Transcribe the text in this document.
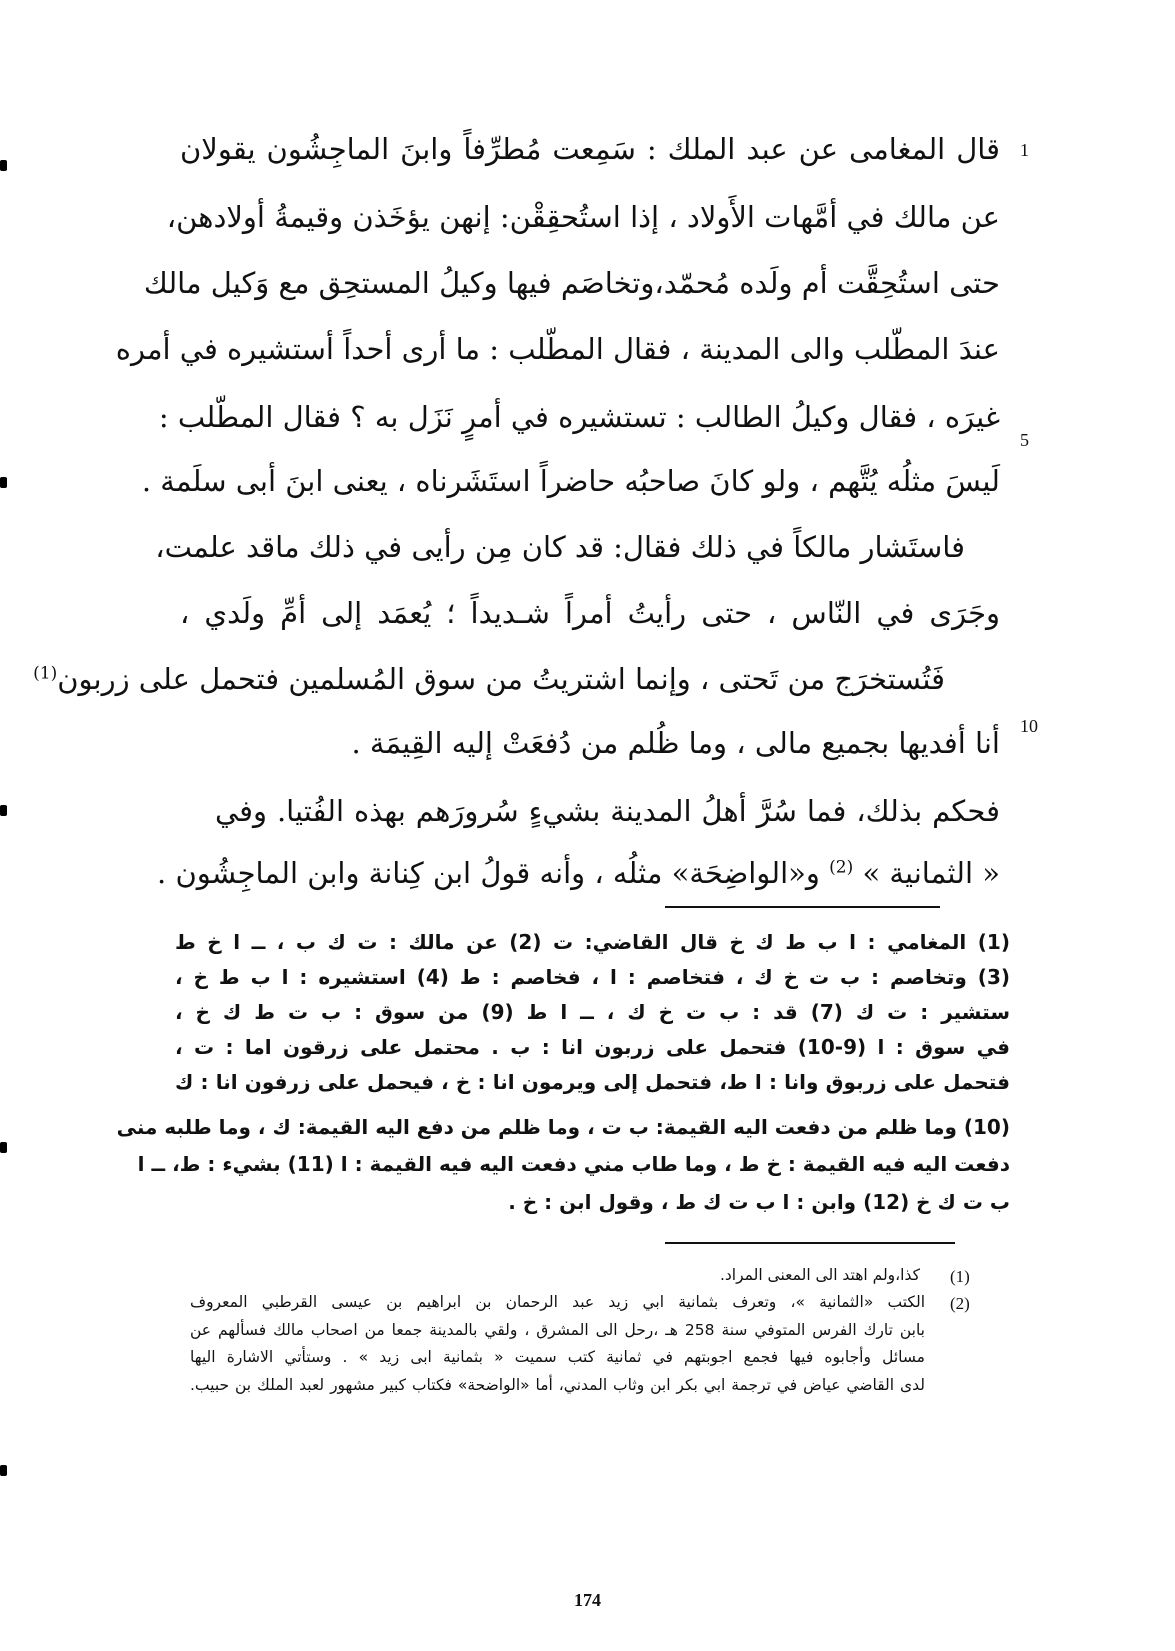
1
5
10
قال المغامى عن عبد الملك : سَمِعت مُطرِّفاً وابنَ الماجِشُون يقولان
عن مالك في أمَّهات الأَولاد ، إذا استُحقِقْن: إنهن يؤخَذن وقيمةُ أولادهن،
حتى استُحِقَّت أم ولَده مُحمّد،وتخاصَم فيها وكيلُ المستحِق مع وَكيل مالك
عندَ المطّلب والى المدينة ، فقال المطّلب : ما أرى أحداً أستشيره في أمره
غيرَه ، فقال وكيلُ الطالب : تستشيره في أمرٍ نَزَل به ؟ فقال المطّلب :
لَيسَ مثلُه يُتَّهم ، ولو كانَ صاحبُه حاضراً استَشَرناه ، يعنى ابنَ أبى سلَمة .
فاستَشار مالكاً في ذلك فقال: قد كان مِن رأيى في ذلك ماقد علمت،
وجَرَى في النّاس ، حتى رأيتُ أمراً شـديداً ؛ يُعمَد إلى أمِّ ولَدي ،
فَتُستخرَج من تَحتى ، وإنما اشتريتُ من سوق المُسلمين فتحمل على زربون$^{(1)}$
أنا أفديها بجميع مالى ، وما ظُلم من دُفعَتْ إليه القِيمَة .
فحكم بذلك، فما سُرَّ أهلُ المدينة بشيءٍ سُرورَهم بهذه الفُتيا. وفي
« الثمانية » $^{(2)}$ و«الواضِحَة» مثلُه ، وأنه قولُ ابن كِنانة وابن الماجِشُون .
(1) المغامي : ا ب ط ك خ قال القاضي: ت (2) عن مالك : ت ك ب ، ــ ا خ ط
(3) وتخاصم : ب ت خ ك ، فتخاصم : ا ، فخاصم : ط (4) استشيره : ا ب ط خ ،
ستشير : ت ك (7) قد : ب ت خ ك ، ــ ا ط (9) من سوق : ب ت ط ك خ ،
في سوق : ا (9-10) فتحمل على زربون انا : ب . محتمل على زرقون اما : ت ،
فتحمل على زربوق وانا : ا ط، فتحمل إلى ويرمون انا : خ ، فيحمل على زرفون انا : ك
(10) وما ظلم من دفعت اليه القيمة: ب ت ، وما ظلم من دفع اليه القيمة: ك ، وما طلبه منى
دفعت اليه فيه القيمة : خ ط ، وما طاب مني دفعت اليه فيه القيمة : ا (11) بشيء : ط، ــ ا
ب ت ك خ (12) وابن : ا ب ت ك ط ، وقول ابن : خ .
(1)
كذا،ولم اهتد الى المعنى المراد.
(2)
الكتب «الثمانية »، وتعرف بثمانية ابي زيد عبد الرحمان بن ابراهيم بن عيسى القرطبي المعروف
بابن تارك الفرس المتوفي سنة 258 هـ ،رحل الى المشرق ، ولقي بالمدينة جمعا من اصحاب مالك فسألهم عن
مسائل وأجابوه فيها فجمع اجوبتهم في ثمانية كتب سميت « بثمانية ابى زيد » . وستأتي الاشارة اليها
لدى القاضي عياض في ترجمة ابي بكر ابن وثاب المدني، أما «الواضحة» فكتاب كبير مشهور لعبد الملك بن حبيب.
174
